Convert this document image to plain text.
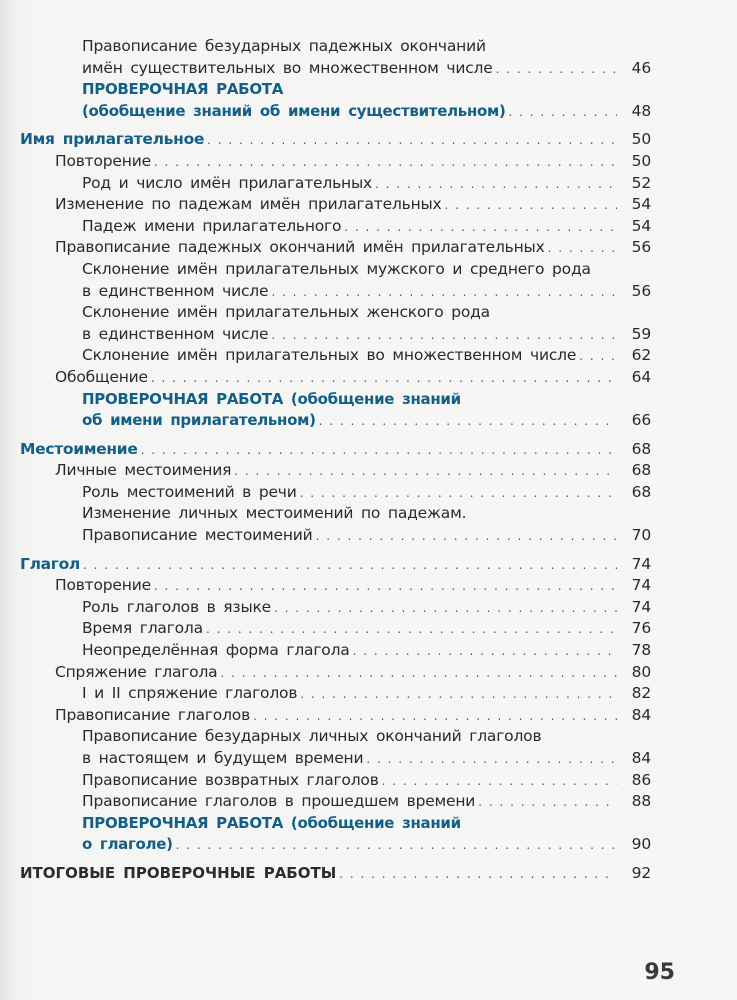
Правописание безударных падежных окончаний
имён существительных во множественном числе . . .	46
ПРОВЕРОЧНАЯ РАБОТА
(обобщение знаний об имени существительном) . . .	48
Имя прилагательное . . .	50
Повторение . . .	50
Род и число имён прилагательных . . .	52
Изменение по падежам имён прилагательных . . .	54
Падеж имени прилагательного . . .	54
Правописание падежных окончаний имён прилагательных . . .	56
Склонение имён прилагательных мужского и среднего рода
в единственном числе . . .	56
Склонение имён прилагательных женского рода
в единственном числе . . .	59
Склонение имён прилагательных во множественном числе . . .	62
Обобщение . . .	64
ПРОВЕРОЧНАЯ РАБОТА (обобщение знаний
об имени прилагательном) . . .	66
Местоимение . . .	68
Личные местоимения . . .	68
Роль местоимений в речи . . .	68
Изменение личных местоимений по падежам.
Правописание местоимений . . .	70
Глагол . . .	74
Повторение . . .	74
Роль глаголов в языке . . .	74
Время глагола . . .	76
Неопределённая форма глагола . . .	78
Спряжение глагола . . .	80
I и II спряжение глаголов . . .	82
Правописание глаголов . . .	84
Правописание безударных личных окончаний глаголов
в настоящем и будущем времени . . .	84
Правописание возвратных глаголов . . .	86
Правописание глаголов в прошедшем времени . . .	88
ПРОВЕРОЧНАЯ РАБОТА (обобщение знаний
о глаголе) . . .	90
ИТОГОВЫЕ ПРОВЕРОЧНЫЕ РАБОТЫ . . .	92
95
